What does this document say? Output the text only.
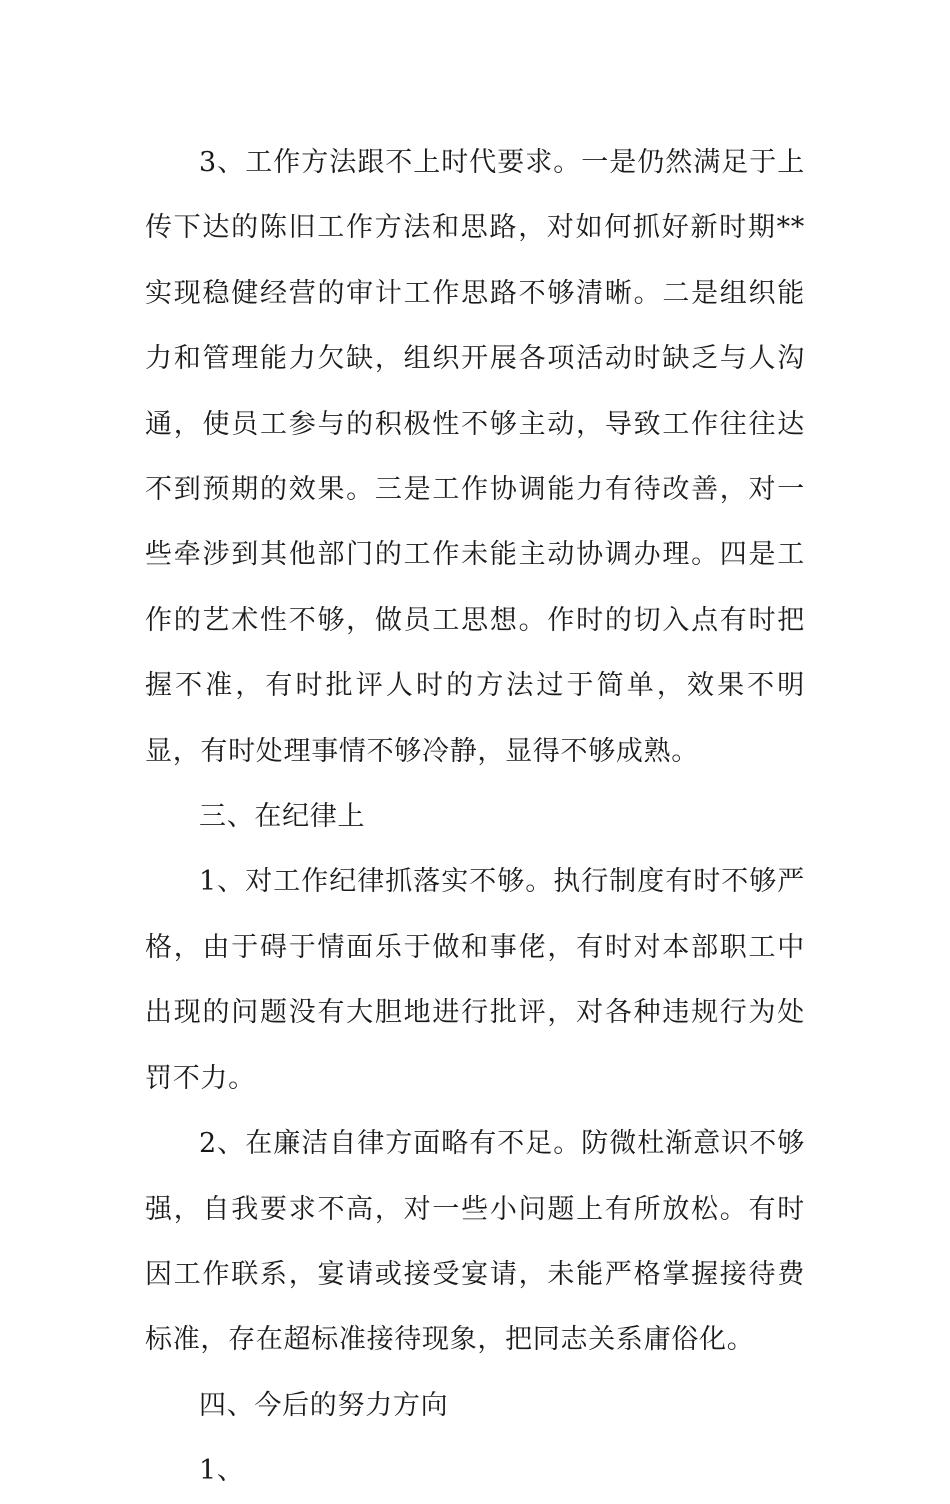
3、工作方法跟不上时代要求。一是仍然满足于上传下达的陈旧工作方法和思路，对如何抓好新时期**实现稳健经营的审计工作思路不够清晰。二是组织能力和管理能力欠缺，组织开展各项活动时缺乏与人沟通，使员工参与的积极性不够主动，导致工作往往达不到预期的效果。三是工作协调能力有待改善，对一些牵涉到其他部门的工作未能主动协调办理。四是工作的艺术性不够，做员工思想。作时的切入点有时把握不准，有时批评人时的方法过于简单，效果不明显，有时处理事情不够冷静，显得不够成熟。

三、在纪律上

1、对工作纪律抓落实不够。执行制度有时不够严格，由于碍于情面乐于做和事佬，有时对本部职工中出现的问题没有大胆地进行批评，对各种违规行为处罚不力。

2、在廉洁自律方面略有不足。防微杜渐意识不够强，自我要求不高，对一些小问题上有所放松。有时因工作联系，宴请或接受宴请，未能严格掌握接待费标准，存在超标准接待现象，把同志关系庸俗化。

四、今后的努力方向

1、
